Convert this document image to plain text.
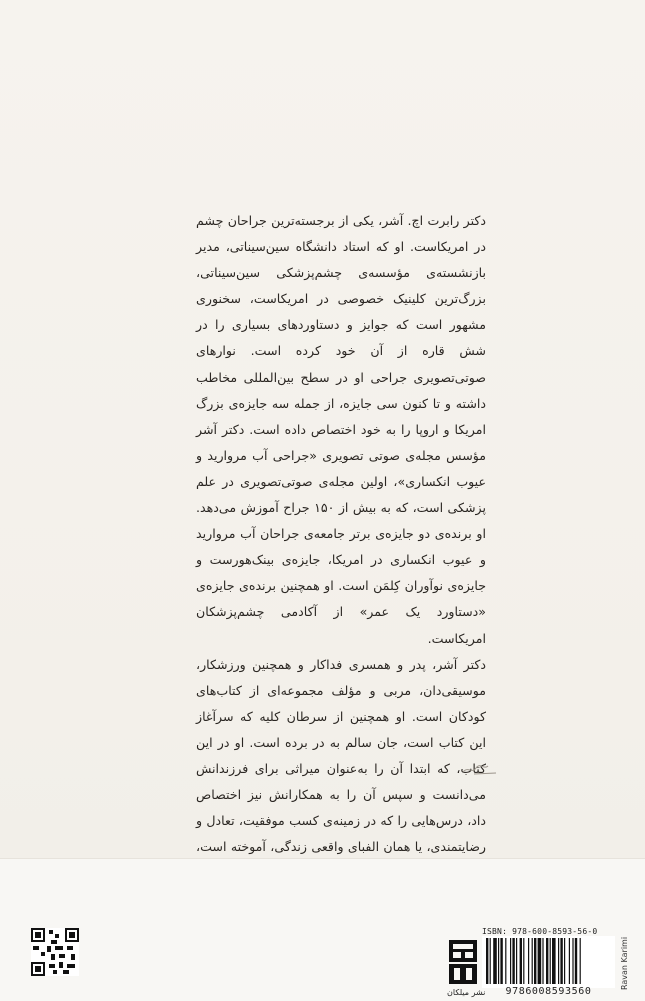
دکتر رابرت اچ. آشر، یکی از برجسته‌ترین جراحان چشم در امریکاست. او که استاد دانشگاه سین‌سیناتی، مدیر بازنشسته‌ی مؤسسه‌ی چشم‌پزشکی سین‌سیناتی، بزرگ‌ترین کلینیک خصوصی در امریکاست، سخنوری مشهور است که جوایز و دستاوردهای بسیاری را در شش قاره از آن خود کرده است. نوارهای صوتی‌تصویری جراحی او در سطح بین‌المللی مخاطب داشته و تا کنون سی جایزه، از جمله سه جایزه‌ی بزرگ امریکا و اروپا را به خود اختصاص داده است. دکتر آشر مؤسس مجله‌ی صوتی تصویری «جراحی آب مروارید و عیوب انکساری»، اولین مجله‌ی صوتی‌تصویری در علم پزشکی است، که به بیش از ۱۵۰ جراح آموزش می‌دهد. او برنده‌ی دو جایزه‌ی برتر جامعه‌ی جراحان آب مروارید و عیوب انکساری در امریکا، جایزه‌ی بینک‌هورست و جایزه‌ی نوآوران کِلمَن است. او همچنین برنده‌ی جایزه‌ی «دستاورد یک عمر» از آکادمی چشم‌پزشکان امریکاست.

دکتر آشر، پدر و همسری فداکار و همچنین ورزشکار، موسیقی‌دان، مربی و مؤلف مجموعه‌ای از کتاب‌های کودکان است. او همچنین از سرطان کلیه که سرآغاز این کتاب است، جان سالم به در برده است. او در این کتاب، که ابتدا آن را به‌عنوان میراثی برای فرزندانش می‌دانست و سپس آن را به همکارانش نیز اختصاص داد، درس‌هایی را که در زمینه‌ی کسب موفقیت، تعادل و رضایتمندی، یا همان الفبای واقعی زندگی، آموخته است،

نشر میلکان
ISBN: 978-600-8593-56-0
9786008593560
Ravan Karimi
